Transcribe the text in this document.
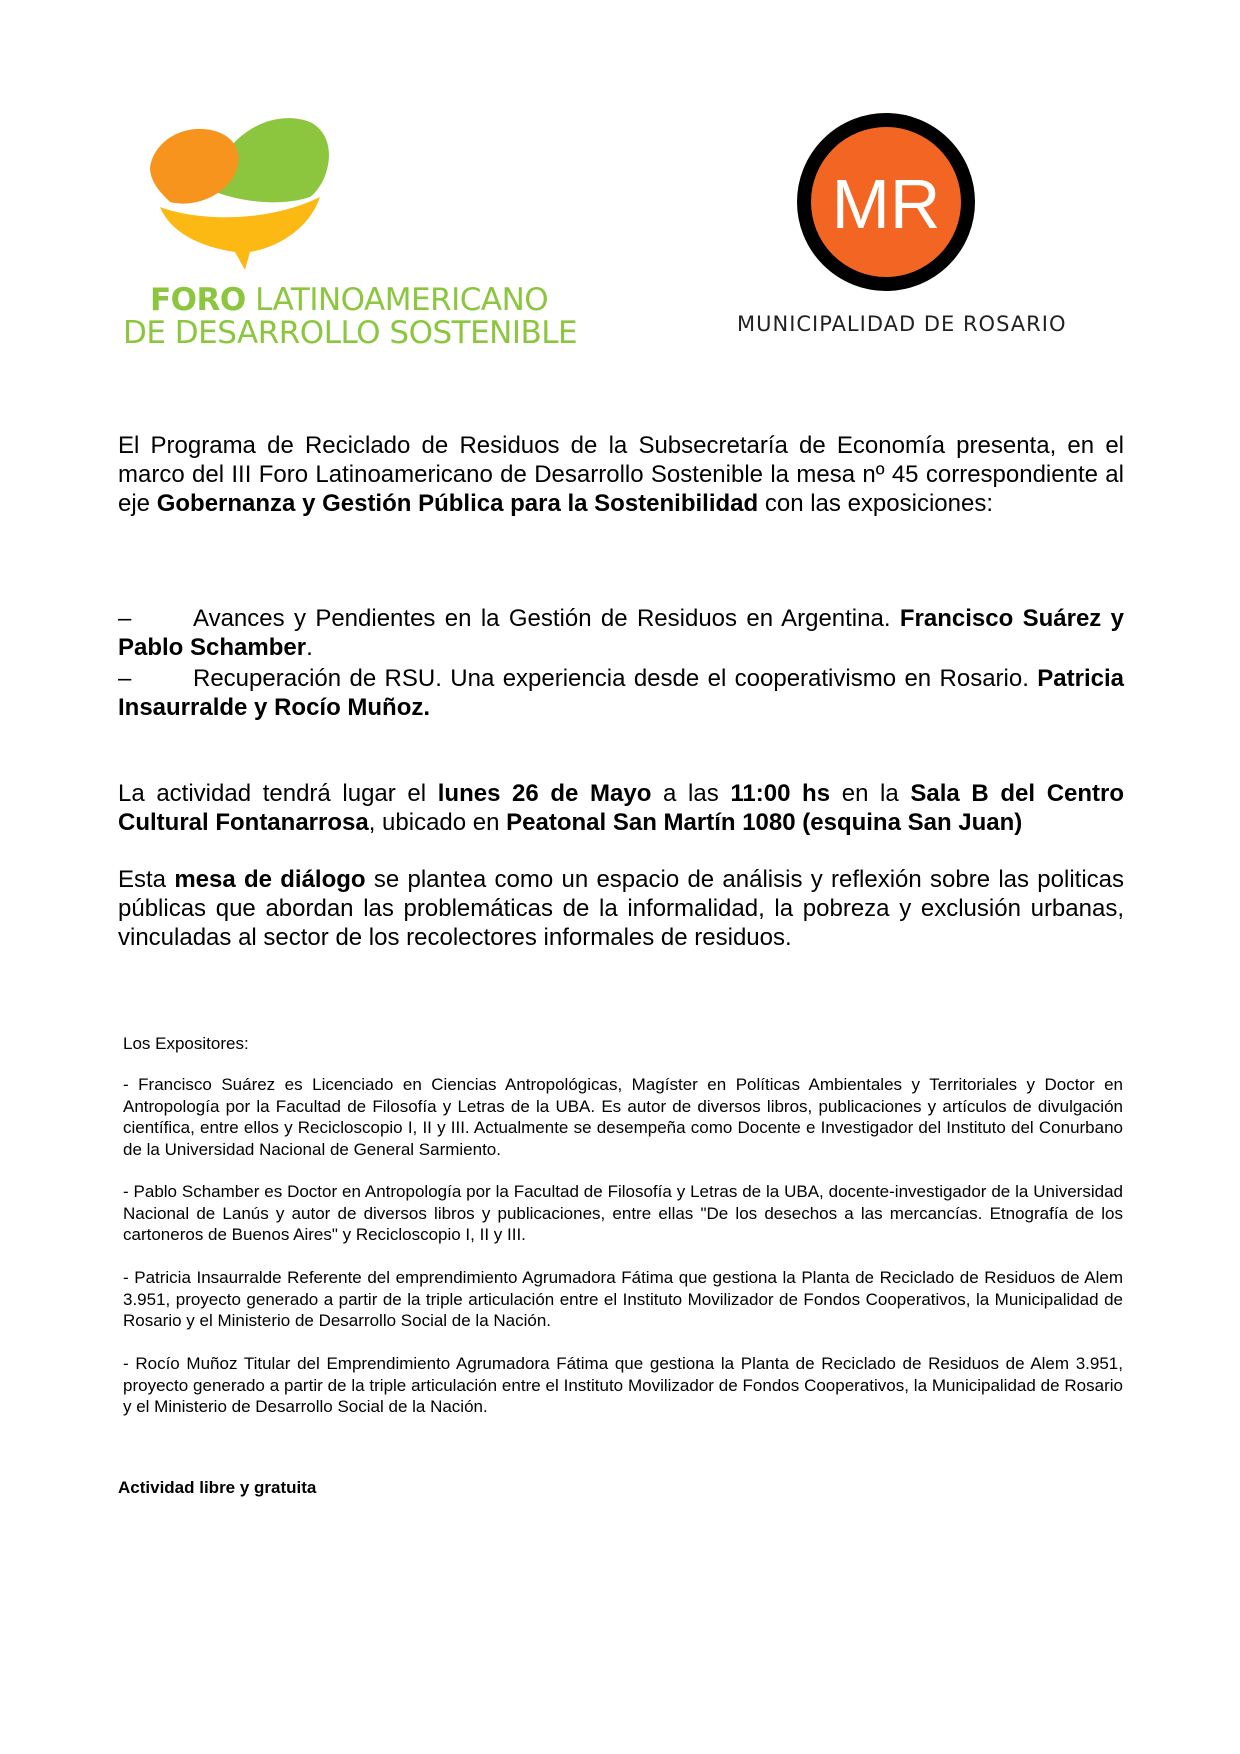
FORO LATINOAMERICANO
DE DESARROLLO SOSTENIBLE
MR
MUNICIPALIDAD DE ROSARIO

El Programa de Reciclado de Residuos de la Subsecretaría de Economía presenta, en el marco del III Foro Latinoamericano de Desarrollo Sostenible la mesa nº 45 correspondiente al eje Gobernanza y Gestión Pública para la Sostenibilidad con las exposiciones:

–	Avances y Pendientes en la Gestión de Residuos en Argentina. Francisco Suárez y Pablo Schamber.

–	Recuperación de RSU. Una experiencia desde el cooperativismo en Rosario. Patricia Insaurralde y Rocío Muñoz.

La actividad tendrá lugar el lunes 26 de Mayo a las 11:00 hs en la Sala B del Centro Cultural Fontanarrosa, ubicado en Peatonal San Martín 1080 (esquina San Juan)

Esta mesa de diálogo se plantea como un espacio de análisis y reflexión sobre las politicas públicas que abordan las problemáticas de la informalidad, la pobreza y exclusión urbanas, vinculadas al sector de los recolectores informales de residuos.

Los Expositores:

- Francisco Suárez es Licenciado en Ciencias Antropológicas, Magíster en Políticas Ambientales y Territoriales y Doctor en Antropología por la Facultad de Filosofía y Letras de la UBA. Es autor de diversos libros, publicaciones y artículos de divulgación científica, entre ellos y Recicloscopio I, II y III. Actualmente se desempeña como Docente e Investigador del Instituto del Conurbano de la Universidad Nacional de General Sarmiento.

- Pablo Schamber es Doctor en Antropología por la Facultad de Filosofía y Letras de la UBA, docente-investigador de la Universidad Nacional de Lanús y autor de diversos libros y publicaciones, entre ellas "De los desechos a las mercancías. Etnografía de los cartoneros de Buenos Aires" y Recicloscopio I, II y III.

- Patricia Insaurralde Referente del emprendimiento Agrumadora Fátima que gestiona la Planta de Reciclado de Residuos de Alem 3.951, proyecto generado a partir de la triple articulación entre el Instituto Movilizador de Fondos Cooperativos, la Municipalidad de Rosario y el Ministerio de Desarrollo Social de la Nación.

- Rocío Muñoz Titular del Emprendimiento Agrumadora Fátima que gestiona la Planta de Reciclado de Residuos de Alem 3.951, proyecto generado a partir de la triple articulación entre el Instituto Movilizador de Fondos Cooperativos, la Municipalidad de Rosario y el Ministerio de Desarrollo Social de la Nación.

Actividad libre y gratuita
